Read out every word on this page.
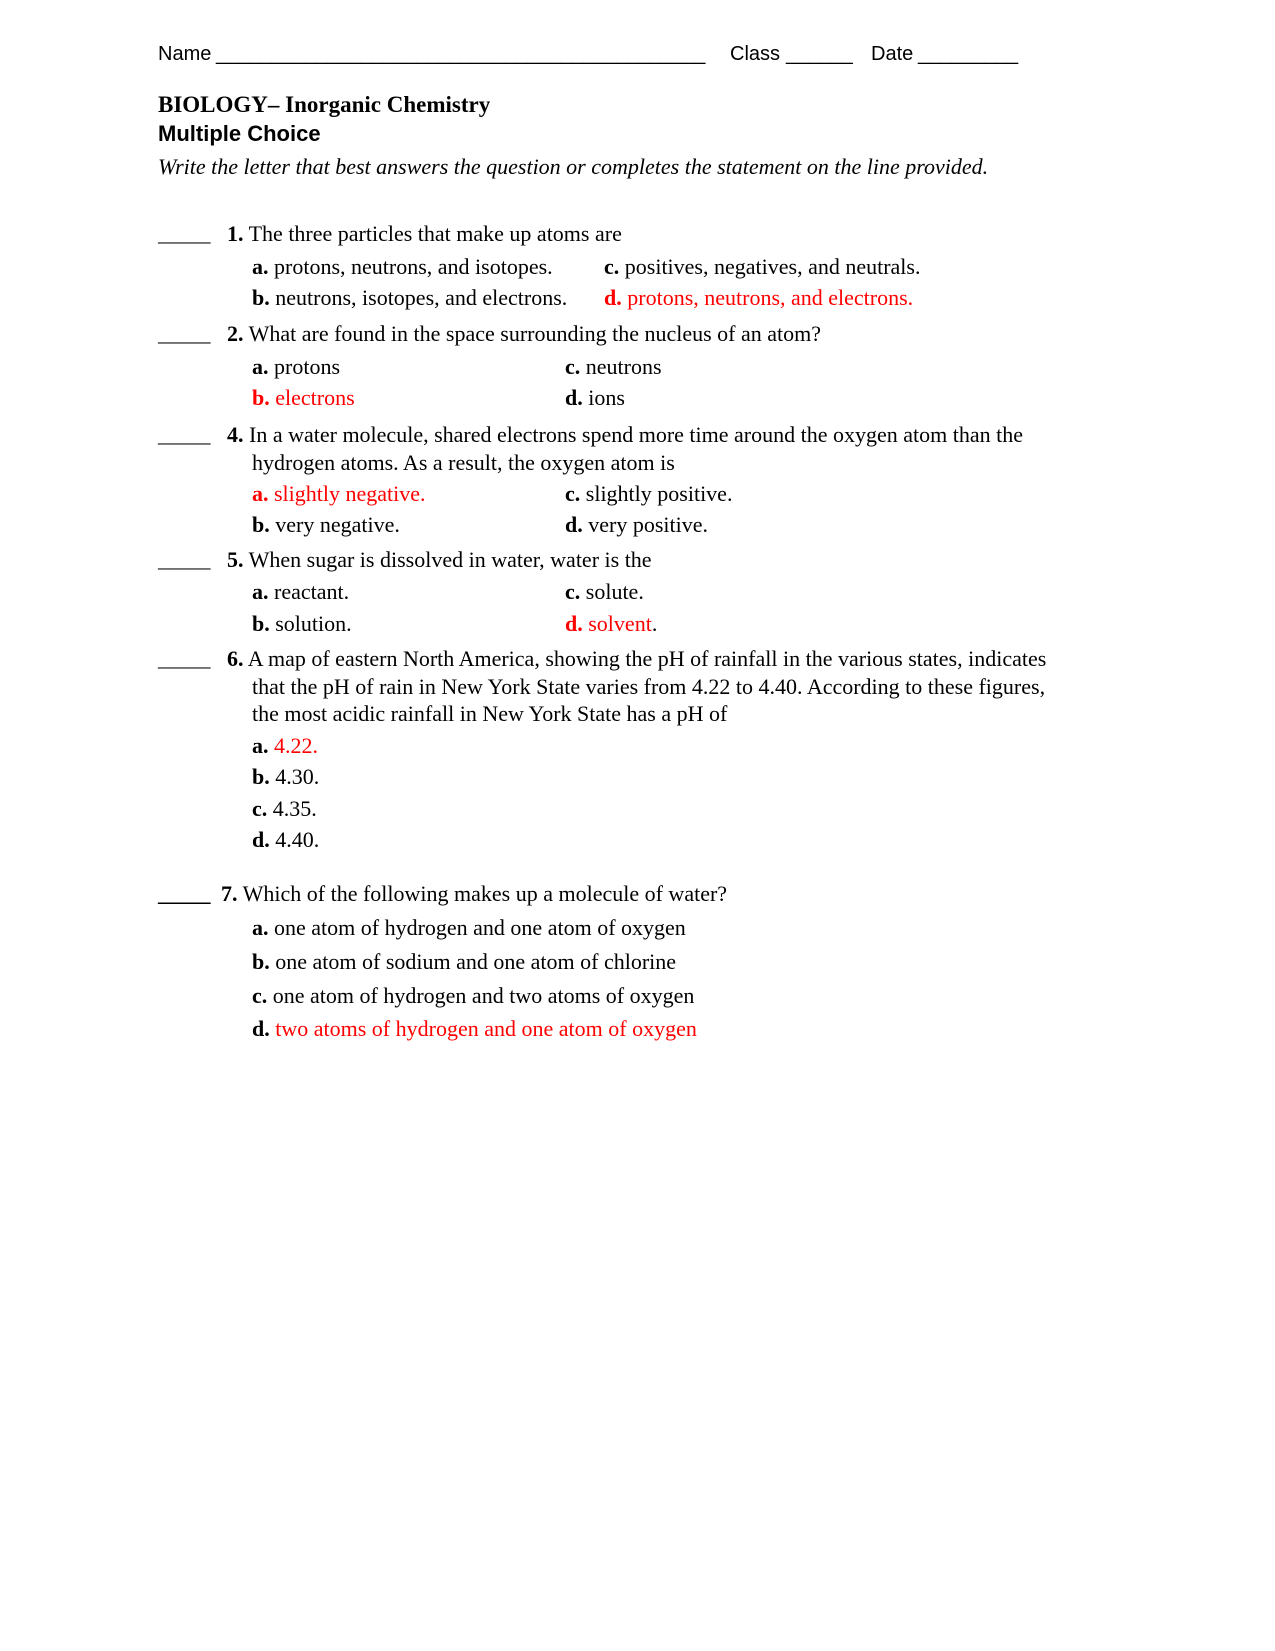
Name ____________________________________________ Class ______ Date _________
BIOLOGY– Inorganic Chemistry
Multiple Choice
Write the letter that best answers the question or completes the statement on the line provided.
_____ 1. The three particles that make up atoms are
a. protons, neutrons, and isotopes. c. positives, negatives, and neutrals.
b. neutrons, isotopes, and electrons. d. protons, neutrons, and electrons.
_____ 2. What are found in the space surrounding the nucleus of an atom?
a. protons	c. neutrons
b. electrons	d. ions
_____ 4. In a water molecule, shared electrons spend more time around the oxygen atom than the
hydrogen atoms. As a result, the oxygen atom is
a. slightly negative.	c. slightly positive.
b. very negative.	d. very positive.
_____ 5. When sugar is dissolved in water, water is the
a. reactant.	c. solute.
b. solution.	d. solvent.
_____ 6. A map of eastern North America, showing the pH of rainfall in the various states, indicates
that the pH of rain in New York State varies from 4.22 to 4.40. According to these figures,
the most acidic rainfall in New York State has a pH of
a. 4.22.
b. 4.30.
c. 4.35.
d. 4.40.
_____ 7. Which of the following makes up a molecule of water?
a. one atom of hydrogen and one atom of oxygen
b. one atom of sodium and one atom of chlorine
c. one atom of hydrogen and two atoms of oxygen
d. two atoms of hydrogen and one atom of oxygen
